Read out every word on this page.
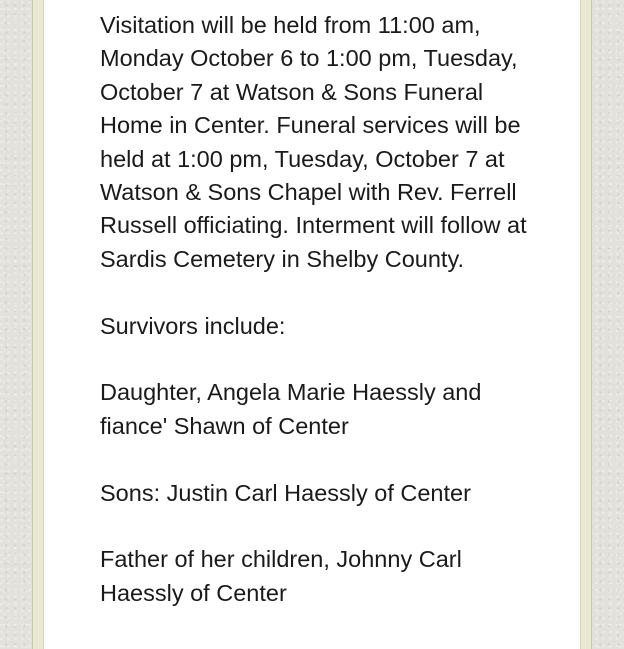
Visitation will be held from 11:00 am, Monday October 6 to 1:00 pm, Tuesday, October 7 at Watson & Sons Funeral Home in Center. Funeral services will be held at 1:00 pm, Tuesday, October 7 at Watson & Sons Chapel with Rev. Ferrell Russell officiating. Interment will follow at Sardis Cemetery in Shelby County.

Survivors include:

Daughter, Angela Marie Haessly and fiance' Shawn of Center

Sons: Justin Carl Haessly of Center

Father of her children, Johnny Carl Haessly of Center
